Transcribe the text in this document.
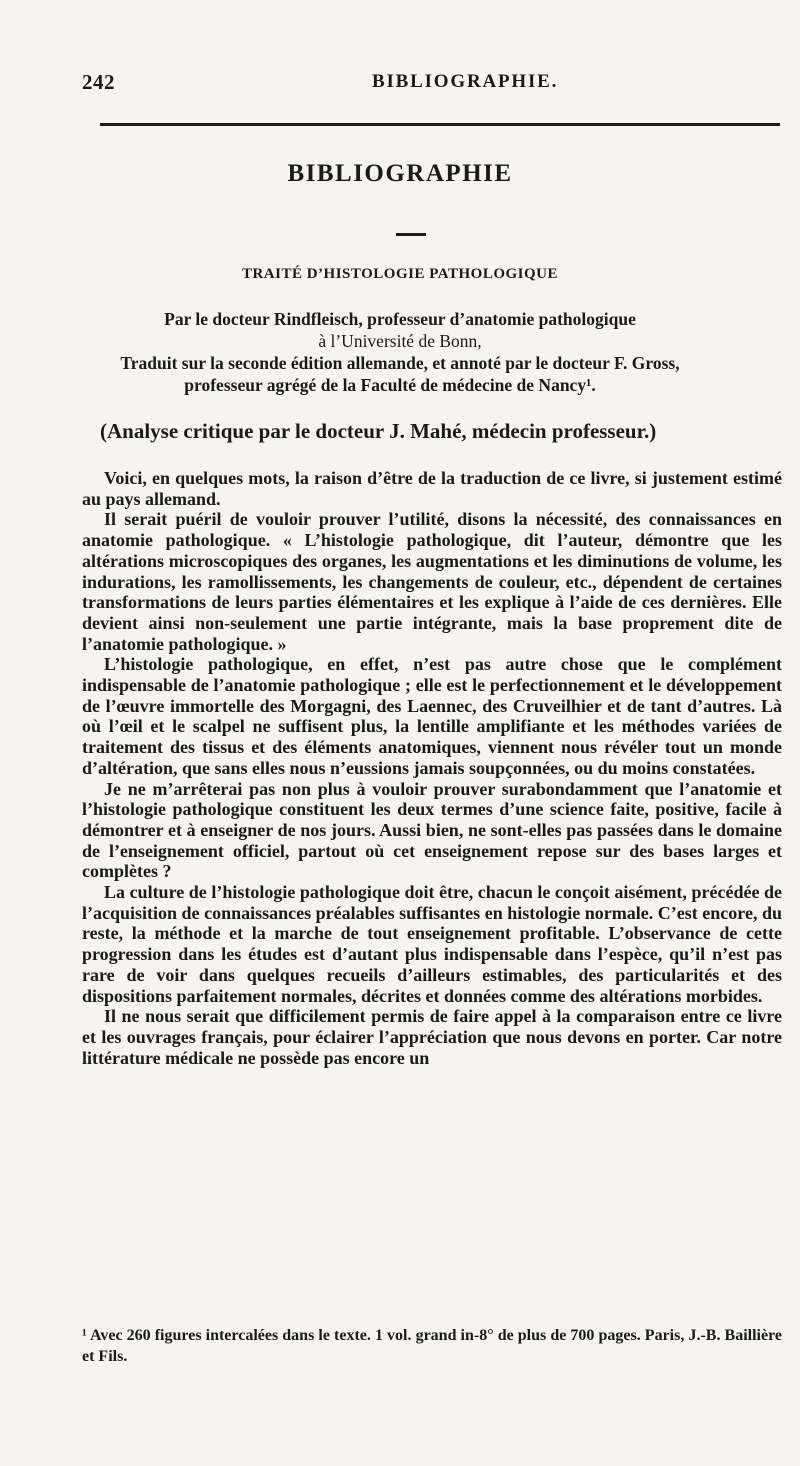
242	BIBLIOGRAPHIE.
BIBLIOGRAPHIE
TRAITÉ D’HISTOLOGIE PATHOLOGIQUE
Par le docteur Rindfleisch, professeur d’anatomie pathologique
à l’Université de Bonn,
Traduit sur la seconde édition allemande, et annoté par le docteur F. Gross,
professeur agrégé de la Faculté de médecine de Nancy¹.
(Analyse critique par le docteur J. Mahé, médecin professeur.)

Voici, en quelques mots, la raison d’être de la traduction de ce livre, si justement estimé au pays allemand.

Il serait puéril de vouloir prouver l’utilité, disons la nécessité, des connaissances en anatomie pathologique. « L’histologie pathologique, dit l’auteur, démontre que les altérations microscopiques des organes, les augmentations et les diminutions de volume, les indurations, les ramollissements, les changements de couleur, etc., dépendent de certaines transformations de leurs parties élémentaires et les explique à l’aide de ces dernières. Elle devient ainsi non-seulement une partie intégrante, mais la base proprement dite de l’anatomie pathologique. »

L’histologie pathologique, en effet, n’est pas autre chose que le complément indispensable de l’anatomie pathologique ; elle est le perfectionnement et le développement de l’œuvre immortelle des Morgagni, des Laennec, des Cruveilhier et de tant d’autres. Là où l’œil et le scalpel ne suffisent plus, la lentille amplifiante et les méthodes variées de traitement des tissus et des éléments anatomiques, viennent nous révéler tout un monde d’altération, que sans elles nous n’eussions jamais soupçonnées, ou du moins constatées.

Je ne m’arrêterai pas non plus à vouloir prouver surabondamment que l’anatomie et l’histologie pathologique constituent les deux termes d’une science faite, positive, facile à démontrer et à enseigner de nos jours. Aussi bien, ne sont-elles pas passées dans le domaine de l’enseignement officiel, partout où cet enseignement repose sur des bases larges et complètes ?

La culture de l’histologie pathologique doit être, chacun le conçoit aisément, précédée de l’acquisition de connaissances préalables suffisantes en histologie normale. C’est encore, du reste, la méthode et la marche de tout enseignement profitable. L’observance de cette progression dans les études est d’autant plus indispensable dans l’espèce, qu’il n’est pas rare de voir dans quelques recueils d’ailleurs estimables, des particularités et des dispositions parfaitement normales, décrites et données comme des altérations morbides.

Il ne nous serait que difficilement permis de faire appel à la comparaison entre ce livre et les ouvrages français, pour éclairer l’appréciation que nous devons en porter. Car notre littérature médicale ne possède pas encore un

¹ Avec 260 figures intercalées dans le texte. 1 vol. grand in-8° de plus de 700 pages. Paris, J.-B. Baillière et Fils.
